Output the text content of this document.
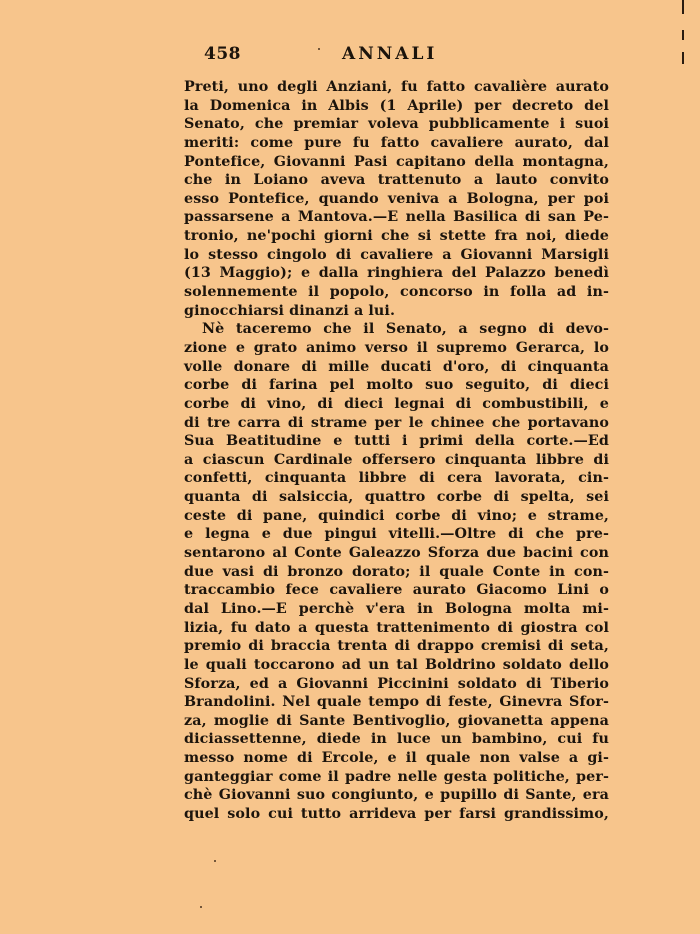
458	ANNALI
Preti, uno degli Anziani, fu fatto cavalière aurato
la Domenica in Albis (1 Aprile) per decreto del
Senato, che premiar voleva pubblicamente i suoi
meriti: come pure fu fatto cavaliere aurato, dal
Pontefice, Giovanni Pasi capitano della montagna,
che in Loiano aveva trattenuto a lauto convito
esso Pontefice, quando veniva a Bologna, per poi
passarsene a Mantova.—E nella Basilica di san Pe-
tronio, ne'pochi giorni che si stette fra noi, diede
lo stesso cingolo di cavaliere a Giovanni Marsigli
(13 Maggio); e dalla ringhiera del Palazzo benedì
solennemente il popolo, concorso in folla ad in-
ginocchiarsi dinanzi a lui.
Nè taceremo che il Senato, a segno di devo-
zione e grato animo verso il supremo Gerarca, lo
volle donare di mille ducati d'oro, di cinquanta
corbe di farina pel molto suo seguito, di dieci
corbe di vino, di dieci legnai di combustibili, e
di tre carra di strame per le chinee che portavano
Sua Beatitudine e tutti i primi della corte.—Ed
a ciascun Cardinale offersero cinquanta libbre di
confetti, cinquanta libbre di cera lavorata, cin-
quanta di salsiccia, quattro corbe di spelta, sei
ceste di pane, quindici corbe di vino; e strame,
e legna e due pingui vitelli.—Oltre di che pre-
sentarono al Conte Galeazzo Sforza due bacini con
due vasi di bronzo dorato; il quale Conte in con-
traccambio fece cavaliere aurato Giacomo Lini o
dal Lino.—E perchè v'era in Bologna molta mi-
lizia, fu dato a questa trattenimento di giostra col
premio di braccia trenta di drappo cremisi di seta,
le quali toccarono ad un tal Boldrino soldato dello
Sforza, ed a Giovanni Piccinini soldato di Tiberio
Brandolini. Nel quale tempo di feste, Ginevra Sfor-
za, moglie di Sante Bentivoglio, giovanetta appena
diciassettenne, diede in luce un bambino, cui fu
messo nome di Ercole, e il quale non valse a gi-
ganteggiar come il padre nelle gesta politiche, per-
chè Giovanni suo congiunto, e pupillo di Sante, era
quel solo cui tutto arrideva per farsi grandissimo,
